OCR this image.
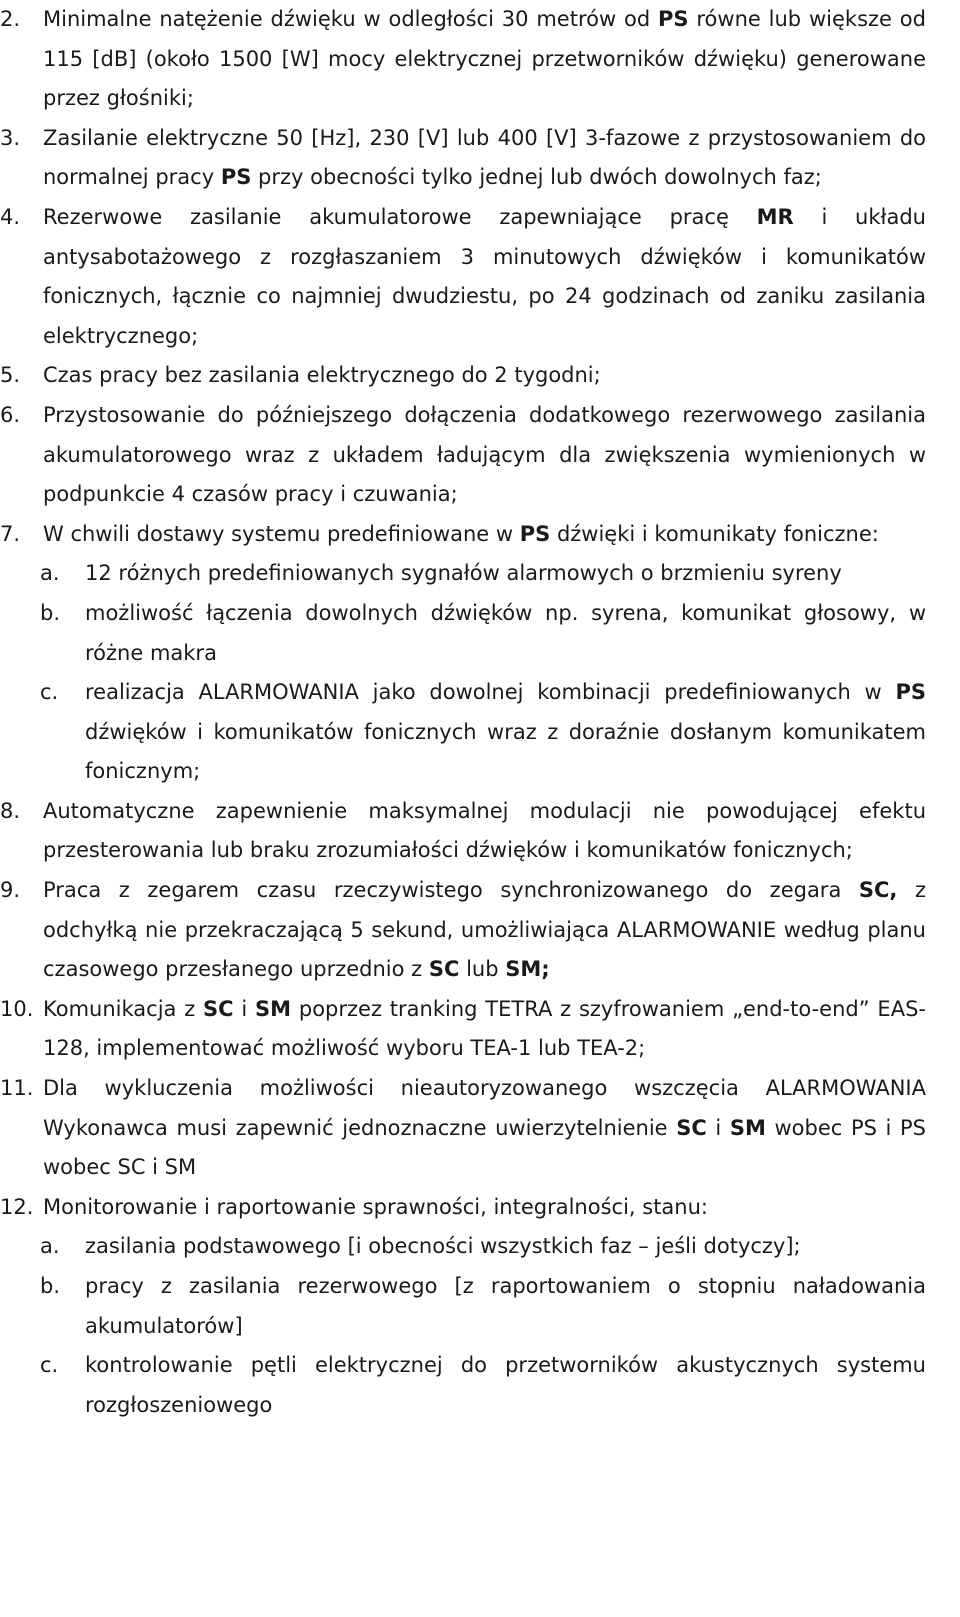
2.	Minimalne natężenie dźwięku w odległości 30 metrów od PS równe lub większe od 115 [dB] (około 1500 [W] mocy elektrycznej przetworników dźwięku) generowane przez głośniki;
3.	Zasilanie elektryczne 50 [Hz], 230 [V] lub 400 [V] 3-fazowe z przystosowaniem do normalnej pracy PS przy obecności tylko jednej lub dwóch dowolnych faz;
4.	Rezerwowe zasilanie akumulatorowe zapewniające pracę MR i układu antysabotażowego z rozgłaszaniem 3 minutowych dźwięków i komunikatów fonicznych, łącznie co najmniej dwudziestu, po 24 godzinach od zaniku zasilania elektrycznego;
5.	Czas pracy bez zasilania elektrycznego do 2 tygodni;
6.	Przystosowanie do późniejszego dołączenia dodatkowego rezerwowego zasilania akumulatorowego wraz z układem ładującym dla zwiększenia wymienionych w podpunkcie 4 czasów pracy i czuwania;
7.	W chwili dostawy systemu predefiniowane w PS dźwięki i komunikaty foniczne:
a. 12 różnych predefiniowanych sygnałów alarmowych o brzmieniu syreny
b. możliwość łączenia dowolnych dźwięków np. syrena, komunikat głosowy, w różne makra
c. realizacja ALARMOWANIA jako dowolnej kombinacji predefiniowanych w PS dźwięków i komunikatów fonicznych wraz z doraźnie dosłanym komunikatem fonicznym;
8.	Automatyczne zapewnienie maksymalnej modulacji nie powodującej efektu przesterowania lub braku zrozumiałości dźwięków i komunikatów fonicznych;
9.	Praca z zegarem czasu rzeczywistego synchronizowanego do zegara SC, z odchyłką nie przekraczającą 5 sekund, umożliwiająca ALARMOWANIE według planu czasowego przesłanego uprzednio z SC lub SM;
10. Komunikacja z SC i SM poprzez tranking TETRA z szyfrowaniem „end-to-end” EAS-128, implementować możliwość wyboru TEA-1 lub TEA-2;
11. Dla wykluczenia możliwości nieautoryzowanego wszczęcia ALARMOWANIA Wykonawca musi zapewnić jednoznaczne uwierzytelnienie SC i SM wobec PS i PS wobec SC i SM
12. Monitorowanie i raportowanie sprawności, integralności, stanu:
a. zasilania podstawowego [i obecności wszystkich faz – jeśli dotyczy];
b. pracy z zasilania rezerwowego [z raportowaniem o stopniu naładowania akumulatorów]
c. kontrolowanie pętli elektrycznej do przetworników akustycznych systemu rozgłoszeniowego
